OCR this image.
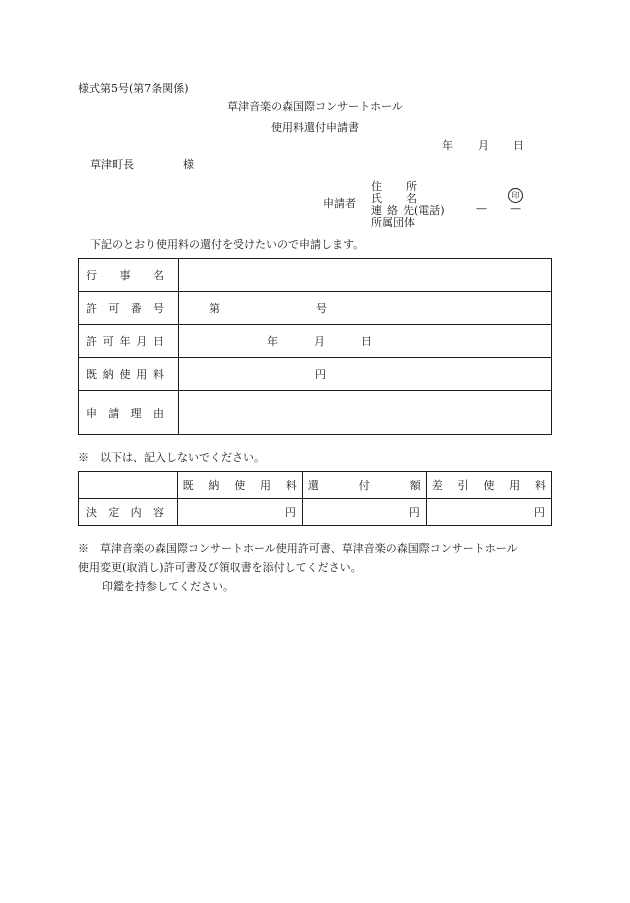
様式第5号(第7条関係)
草津音楽の森国際コンサートホール
使用料還付申請書
年 月 日
草津町長	様
申請者
住 所
氏 名
連 絡 先(電話)
所属団体
印
— —
下記のとおり使用料の還付を受けたいので申請します。
行 事 名	

許 可 番 号	第 号

許 可 年 月 日	年 月 日

既 納 使 用 料	円

申 請 理 由	

※　以下は、記入しないでください。

	既 納 使 用 料	還 付 額	差 引 使 用 料

決 定 内 容	円	円	円
※　草津音楽の森国際コンサートホール使用許可書、草津音楽の森国際コンサートホール
使用変更(取消し)許可書及び領収書を添付してください。
印鑑を持参してください。
